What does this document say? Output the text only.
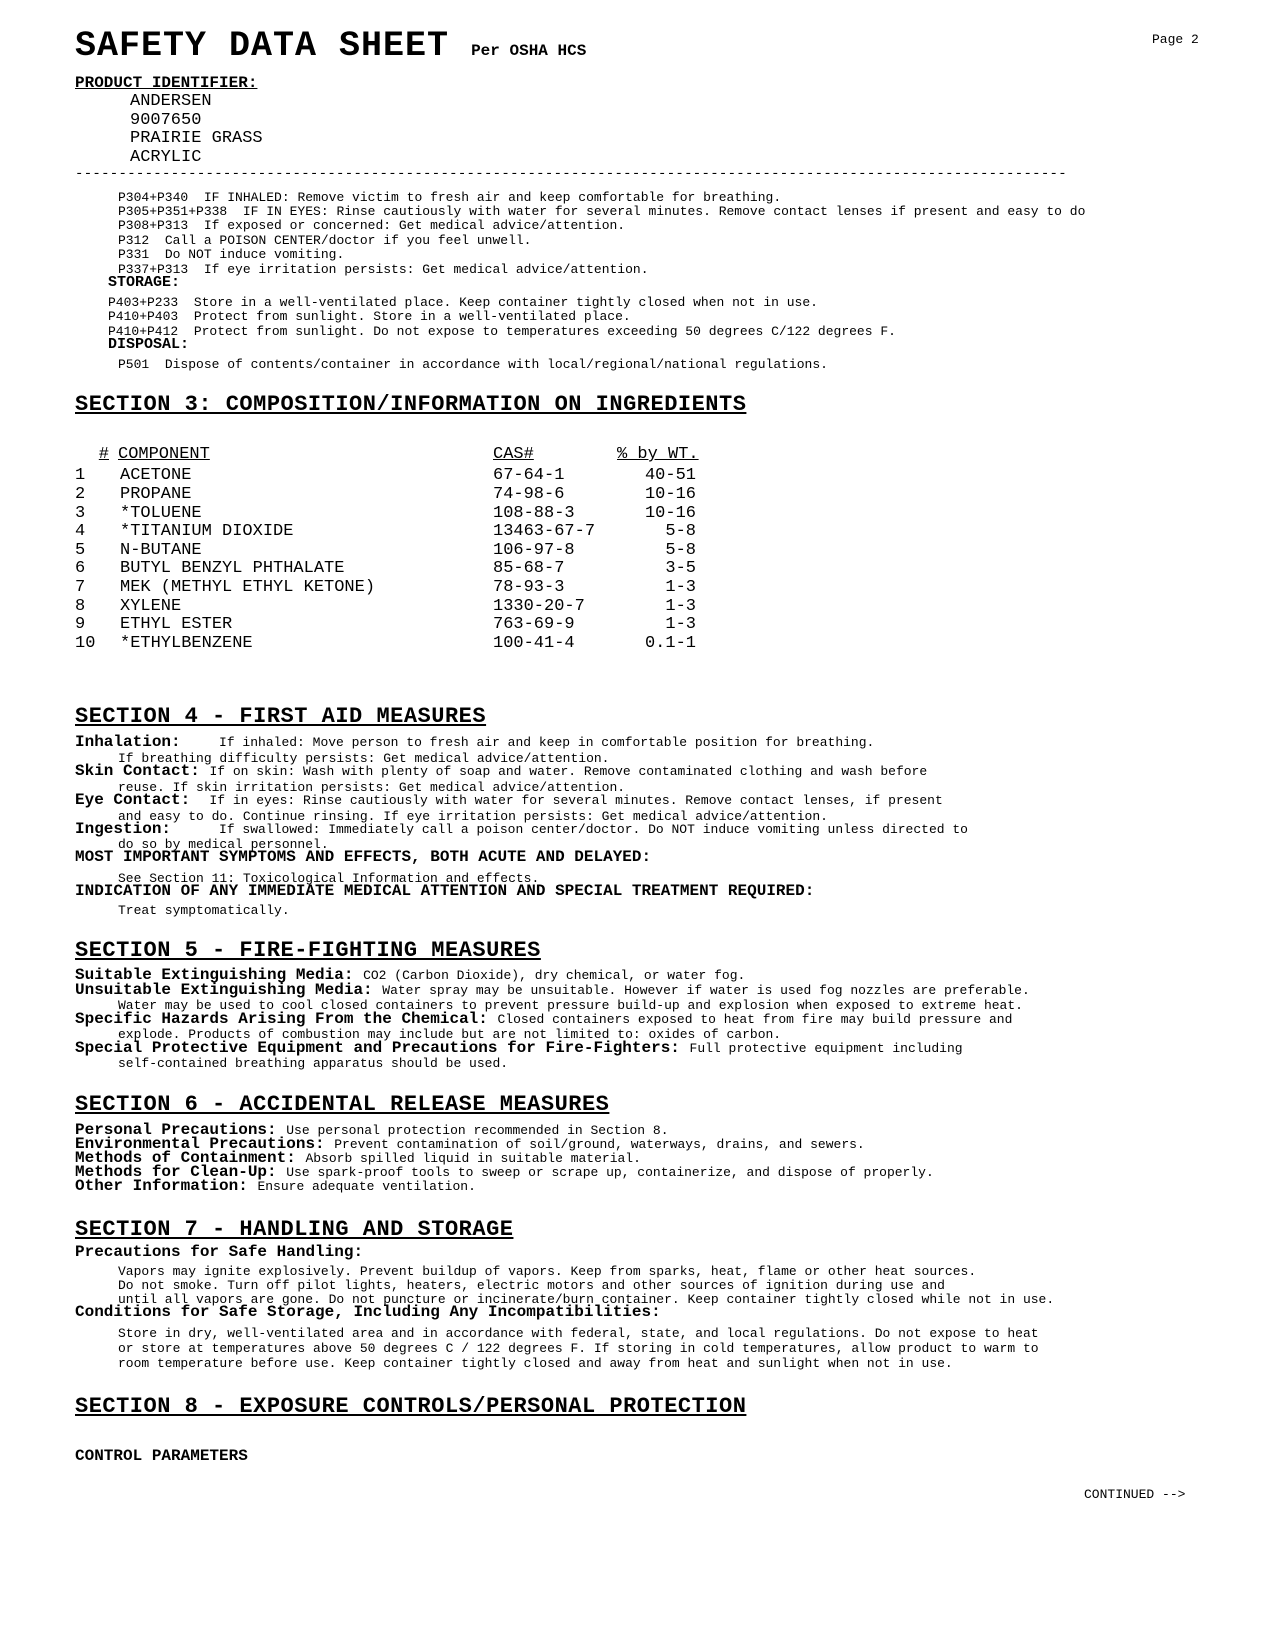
SAFETY DATA SHEET Per OSHA HCS
Page 2
PRODUCT IDENTIFIER:
ANDERSEN
9007650
PRAIRIE GRASS
ACRYLIC
------------------------------------------------------------------------------------------------------------------
P304+P340 IF INHALED: Remove victim to fresh air and keep comfortable for breathing.
P305+P351+P338 IF IN EYES: Rinse cautiously with water for several minutes. Remove contact lenses if present and easy to do
P308+P313 If exposed or concerned: Get medical advice/attention.
P312 Call a POISON CENTER/doctor if you feel unwell.
P331 Do NOT induce vomiting.
P337+P313 If eye irritation persists: Get medical advice/attention.
STORAGE:
P403+P233 Store in a well-ventilated place. Keep container tightly closed when not in use.
P410+P403 Protect from sunlight. Store in a well-ventilated place.
P410+P412 Protect from sunlight. Do not expose to temperatures exceeding 50 degrees C/122 degrees F.
DISPOSAL:
P501 Dispose of contents/container in accordance with local/regional/national regulations.
SECTION 3: COMPOSITION/INFORMATION ON INGREDIENTS
# COMPONENT	CAS#	% by WT.
1 ACETONE	67-64-1	40-51
2 PROPANE	74-98-6	10-16
3 *TOLUENE	108-88-3	10-16
4 *TITANIUM DIOXIDE	13463-67-7	5-8
5 N-BUTANE	106-97-8	5-8
6 BUTYL BENZYL PHTHALATE	85-68-7	3-5
7 MEK (METHYL ETHYL KETONE)	78-93-3	1-3
8 XYLENE	1330-20-7	1-3
9 ETHYL ESTER	763-69-9	1-3
10 *ETHYLBENZENE	100-41-4	0.1-1
SECTION 4 - FIRST AID MEASURES
Inhalation:	If inhaled: Move person to fresh air and keep in comfortable position for breathing.
If breathing difficulty persists: Get medical advice/attention.
Skin Contact: If on skin: Wash with plenty of soap and water. Remove contaminated clothing and wash before
reuse. If skin irritation persists: Get medical advice/attention.
Eye Contact: If in eyes: Rinse cautiously with water for several minutes. Remove contact lenses, if present
and easy to do. Continue rinsing. If eye irritation persists: Get medical advice/attention.
Ingestion:	If swallowed: Immediately call a poison center/doctor. Do NOT induce vomiting unless directed to
do so by medical personnel.
MOST IMPORTANT SYMPTOMS AND EFFECTS, BOTH ACUTE AND DELAYED:
See Section 11: Toxicological Information and effects.
INDICATION OF ANY IMMEDIATE MEDICAL ATTENTION AND SPECIAL TREATMENT REQUIRED:
Treat symptomatically.
SECTION 5 - FIRE-FIGHTING MEASURES
Suitable Extinguishing Media: CO2 (Carbon Dioxide), dry chemical, or water fog.
Unsuitable Extinguishing Media: Water spray may be unsuitable. However if water is used fog nozzles are preferable.
Water may be used to cool closed containers to prevent pressure build-up and explosion when exposed to extreme heat.
Specific Hazards Arising From the Chemical: Closed containers exposed to heat from fire may build pressure and
explode. Products of combustion may include but are not limited to: oxides of carbon.
Special Protective Equipment and Precautions for Fire-Fighters: Full protective equipment including
self-contained breathing apparatus should be used.
SECTION 6 - ACCIDENTAL RELEASE MEASURES
Personal Precautions: Use personal protection recommended in Section 8.
Environmental Precautions: Prevent contamination of soil/ground, waterways, drains, and sewers.
Methods of Containment: Absorb spilled liquid in suitable material.
Methods for Clean-Up: Use spark-proof tools to sweep or scrape up, containerize, and dispose of properly.
Other Information: Ensure adequate ventilation.
SECTION 7 - HANDLING AND STORAGE
Precautions for Safe Handling:
Vapors may ignite explosively. Prevent buildup of vapors. Keep from sparks, heat, flame or other heat sources.
Do not smoke. Turn off pilot lights, heaters, electric motors and other sources of ignition during use and
until all vapors are gone. Do not puncture or incinerate/burn container. Keep container tightly closed while not in use.
Conditions for Safe Storage, Including Any Incompatibilities:
Store in dry, well-ventilated area and in accordance with federal, state, and local regulations. Do not expose to heat
or store at temperatures above 50 degrees C / 122 degrees F. If storing in cold temperatures, allow product to warm to
room temperature before use. Keep container tightly closed and away from heat and sunlight when not in use.
SECTION 8 - EXPOSURE CONTROLS/PERSONAL PROTECTION
CONTROL PARAMETERS
CONTINUED -->
